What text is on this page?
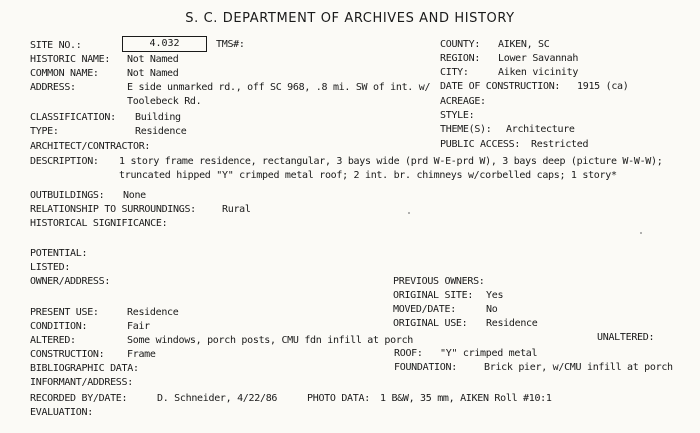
S. C. DEPARTMENT OF ARCHIVES AND HISTORY
SITE NO.:	4.032	TMS#:
HISTORIC NAME: Not Named
COMMON NAME:	Not Named
ADDRESS:	E side unmarked rd., off SC 968, .8 mi. SW of int. w/
Toolebeck Rd.
CLASSIFICATION: Building
TYPE:	Residence
ARCHITECT/CONTRACTOR:
COUNTY: AIKEN, SC
REGION: Lower Savannah
CITY:	Aiken vicinity
DATE OF CONSTRUCTION: 1915 (ca)
ACREAGE:
STYLE:
THEME(S): Architecture
PUBLIC ACCESS: Restricted
DESCRIPTION: 1 story frame residence, rectangular, 3 bays wide (prd W-E-prd W), 3 bays deep (picture W-W-W);
truncated hipped "Y" crimped metal roof; 2 int. br. chimneys w/corbelled caps; 1 story*
OUTBUILDINGS: None
RELATIONSHIP TO SURROUNDINGS:	Rural
HISTORICAL SIGNIFICANCE:
POTENTIAL:
LISTED:
OWNER/ADDRESS:	PREVIOUS OWNERS:
ORIGINAL SITE: Yes
MOVED/DATE:	No
ORIGINAL USE: Residence
UNALTERED:
PRESENT USE:	Residence
CONDITION:	Fair
ALTERED:	Some windows, porch posts, CMU fdn infill at porch
CONSTRUCTION: Frame	ROOF: "Y" crimped metal
BIBLIOGRAPHIC DATA:	FOUNDATION:	Brick pier, w/CMU infill at porch
INFORMANT/ADDRESS:
RECORDED BY/DATE:	D. Schneider, 4/22/86	PHOTO DATA: 1 B&W, 35 mm, AIKEN Roll #10:1
EVALUATION:
